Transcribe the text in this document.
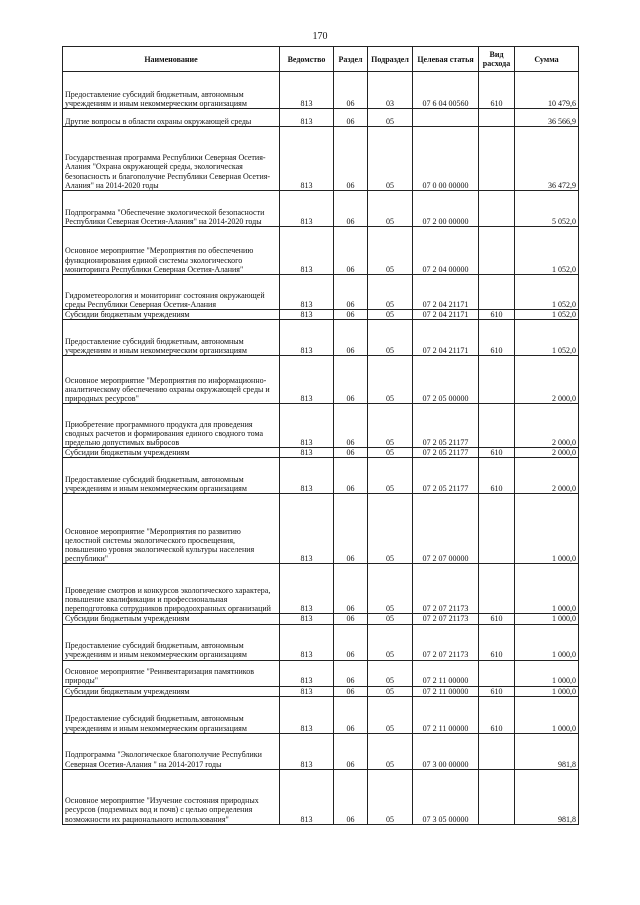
170
Наименование	Ведомство	Раздел	Подраздел	Целевая статья	Вид расхода	Сумма
Предоставление субсидий бюджетным, автономным учреждениям и иным некоммерческим организациям	813	06	03	07 6 04 00560	610	10 479,6
Другие вопросы в области охраны окружающей среды	813	06	05			36 566,9
Государственная программа Республики Северная Осетия-Алания "Охрана окружающей среды, экологическая безопасность и благополучие Республики Северная Осетия-Алания" на 2014-2020 годы	813	06	05	07 0 00 00000		36 472,9
Подпрограмма "Обеспечение экологической безопасности Республики Северная Осетия-Алания" на 2014-2020 годы	813	06	05	07 2 00 00000		5 052,0
Основное мероприятие "Мероприятия по обеспечению функционирования единой системы экологического мониторинга Республики Северная Осетия-Алания"	813	06	05	07 2 04 00000		1 052,0
Гидрометеорология и мониторинг состояния окружающей среды Республики Северная Осетия-Алания	813	06	05	07 2 04 21171		1 052,0
Субсидии бюджетным учреждениям	813	06	05	07 2 04 21171	610	1 052,0
Предоставление субсидий бюджетным, автономным учреждениям и иным некоммерческим организациям	813	06	05	07 2 04 21171	610	1 052,0
Основное мероприятие "Мероприятия по информационно-аналитическому обеспечению охраны окружающей среды и природных ресурсов"	813	06	05	07 2 05 00000		2 000,0
Приобретение программного продукта для проведения сводных расчетов и формирования единого сводного тома предельно допустимых выбросов	813	06	05	07 2 05 21177		2 000,0
Субсидии бюджетным учреждениям	813	06	05	07 2 05 21177	610	2 000,0
Предоставление субсидий бюджетным, автономным учреждениям и иным некоммерческим организациям	813	06	05	07 2 05 21177	610	2 000,0
Основное мероприятие "Мероприятия по развитию целостной системы экологического просвещения, повышению уровня экологической культуры населения республики"	813	06	05	07 2 07 00000		1 000,0
Проведение смотров и конкурсов экологического характера, повышение квалификации и профессиональная переподготовка сотрудников природоохранных организаций	813	06	05	07 2 07 21173		1 000,0
Субсидии бюджетным учреждениям	813	06	05	07 2 07 21173	610	1 000,0
Предоставление субсидий бюджетным, автономным учреждениям и иным некоммерческим организациям	813	06	05	07 2 07 21173	610	1 000,0
Основное мероприятие "Реинвентаризация памятников природы"	813	06	05	07 2 11 00000		1 000,0
Субсидии бюджетным учреждениям	813	06	05	07 2 11 00000	610	1 000,0
Предоставление субсидий бюджетным, автономным учреждениям и иным некоммерческим организациям	813	06	05	07 2 11 00000	610	1 000,0
Подпрограмма "Экологическое благополучие Республики Северная Осетия-Алания " на 2014-2017 годы	813	06	05	07 3 00 00000		981,8
Основное мероприятие "Изучение состояния природных ресурсов (подземных вод и почв) с целью определения возможности их рационального использования"	813	06	05	07 3 05 00000		981,8
